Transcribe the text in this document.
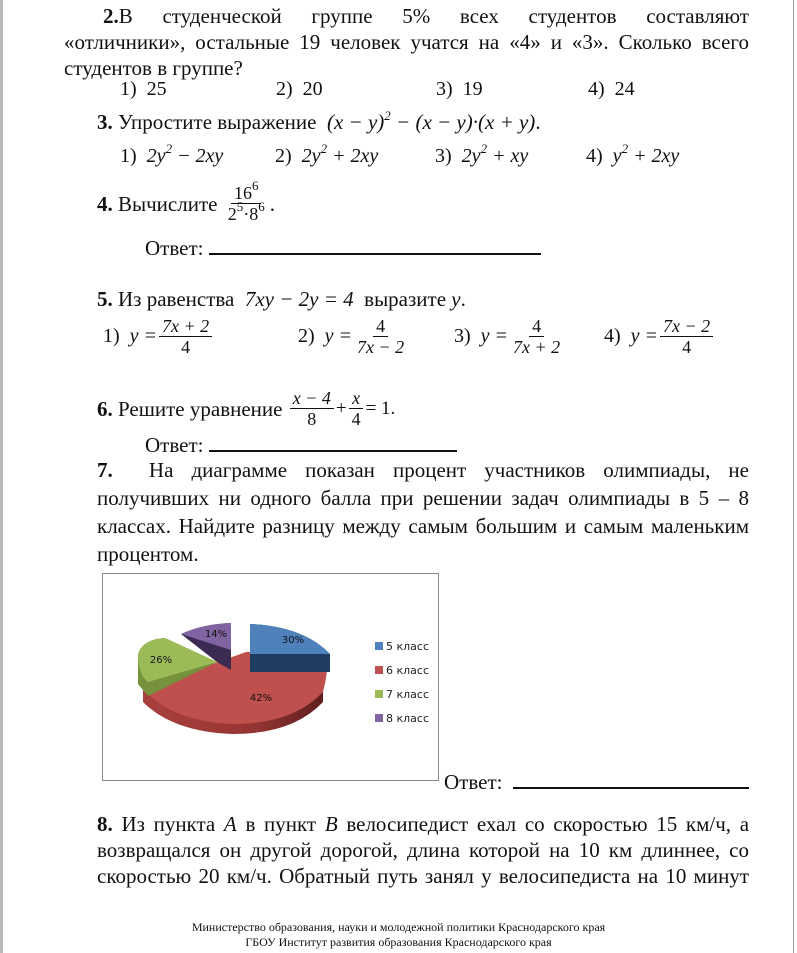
2.В студенческой группе 5% всех студентов составляют
«отличники», остальные 19 человек учатся на «4» и «3». Сколько всего
студентов в группе?
1) 25	2) 20	3) 19	4) 24
3. Упростите выражение $(x - y)^2 - (x - y)\cdot(x + y)$.
1) $2y^2 - 2xy$	2) $2y^2 + 2xy$	3) $2y^2$ + xy	4) $y^2 + 2xy$
4.
Вычислите
$\frac{16^6}{2^5\cdot 8^6}$ .
Ответ:
5. Из равенства 7xy − 2y = 4 выразите y.
1)
$y = \frac{7x + 2}{4}$	2)
$y = \frac{4}{7x - 2} 3$)
$y = \frac{4}{7x + 2} 4$)
$y = \frac{7x - 2}{4}$
6.
Решите уравнение
$\frac{x - 4}{8} + \frac{x}{4} = 1$.
Ответ:
7. На диаграмме показан процент участников олимпиады, не
получивших ни одного балла при решении задач олимпиады в 5 – 8
классах. Найдите разницу между самым большим и самым маленьким
процентом.
30%
42%
26%
14%
5 класс
6 класс
7 класс
8 класс
Ответ:
8. Из пункта A в пункт B велосипедист ехал со скоростью 15 км/ч, а
возвращался он другой дорогой, длина которой на 10 км длиннее, со
скоростью 20 км/ч. Обратный путь занял у велосипедиста на 10 минут
Министерство образования, науки и молодежной политики Краснодарского края
ГБОУ Институт развития образования Краснодарского края
